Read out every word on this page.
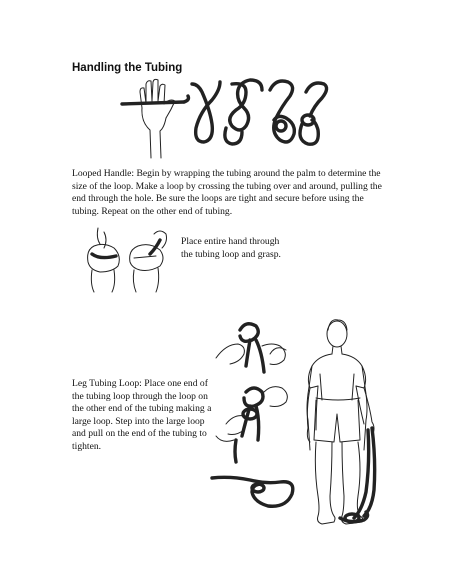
Handling the Tubing

Looped Handle: Begin by wrapping the tubing around the palm to determine the size of the loop. Make a loop by crossing the tubing over and around, pulling the end through the hole. Be sure the loops are tight and secure before using the tubing. Repeat on the other end of tubing.

Place entire hand through the tubing loop and grasp.

Leg Tubing Loop: Place one end of the tubing loop through the loop on the other end of the tubing making a large loop. Step into the large loop and pull on the end of the tubing to tighten.
